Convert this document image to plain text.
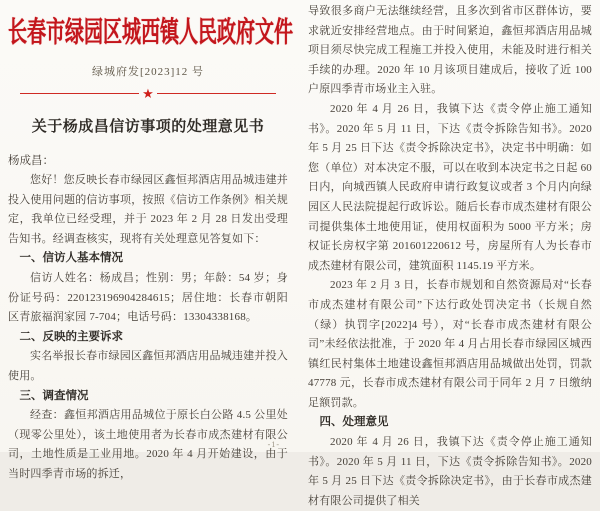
长春市绿园区城西镇人民政府文件
绿城府发[2023]12 号
★
关于杨成昌信访事项的处理意见书
杨成昌：

您好！您反映长春市绿园区鑫恒邦酒店用品城违建并投入使用问题的信访事项，按照《信访工作条例》相关规定，我单位已经受理，并于 2023 年 2 月 28 日发出受理告知书。经调查核实，现将有关处理意见答复如下：

一、信访人基本情况

信访人姓名：杨成昌；性别：男；年龄：54 岁；身份证号码：220123196904284615；居住地：长春市朝阳区青旅福润家园 7-704；电话号码：13304338168。

二、反映的主要诉求

实名举报长春市绿园区鑫恒邦酒店用品城违建并投入使用。

三、调查情况

经查：鑫恒邦酒店用品城位于原长白公路 4.5 公里处（现零公里处），该土地使用者为长春市成杰建材有限公司，土地性质是工业用地。2020 年 4 月开始建设，由于当时四季青市场的拆迁，

-1-

导致很多商户无法继续经营，且多次到省市区群体访，要求就近安排经营地点。由于时间紧迫，鑫恒邦酒店用品城项目须尽快完成工程施工并投入使用，未能及时进行相关手续的办理。2020 年 10 月该项目建成后，接收了近 100 户原四季青市场业主入驻。

2020 年 4 月 26 日，我镇下达《责令停止施工通知书》。2020 年 5 月 11 日，下达《责令拆除告知书》。2020 年 5 月 25 日下达《责令拆除决定书》，决定书中明确：如您（单位）对本决定不服，可以在收到本决定书之日起 60 日内，向城西镇人民政府申请行政复议或者 3 个月内向绿园区人民法院提起行政诉讼。随后长春市成杰建材有限公司提供集体土地使用证，使用权面积为 5000 平方米；房权证长房权字第 201601220612 号，房屋所有人为长春市成杰建材有限公司，建筑面积 1145.19 平方米。

2023 年 2 月 3 日，长春市规划和自然资源局对“长春市成杰建材有限公司”下达行政处罚决定书（长规自然（绿）执罚字[2022]4 号），对“长春市成杰建材有限公司”未经依法批准，于 2020 年 4 月占用长春市绿园区城西镇红民村集体土地建设鑫恒邦酒店用品城做出处罚，罚款 47778 元，长春市成杰建材有限公司于同年 2 月 7 日缴纳足额罚款。

四、处理意见

2020 年 4 月 26 日，我镇下达《责令停止施工通知书》。2020 年 5 月 11 日，下达《责令拆除告知书》。2020 年 5 月 25 日下达《责令拆除决定书》，由于长春市成杰建材有限公司提供了相关
